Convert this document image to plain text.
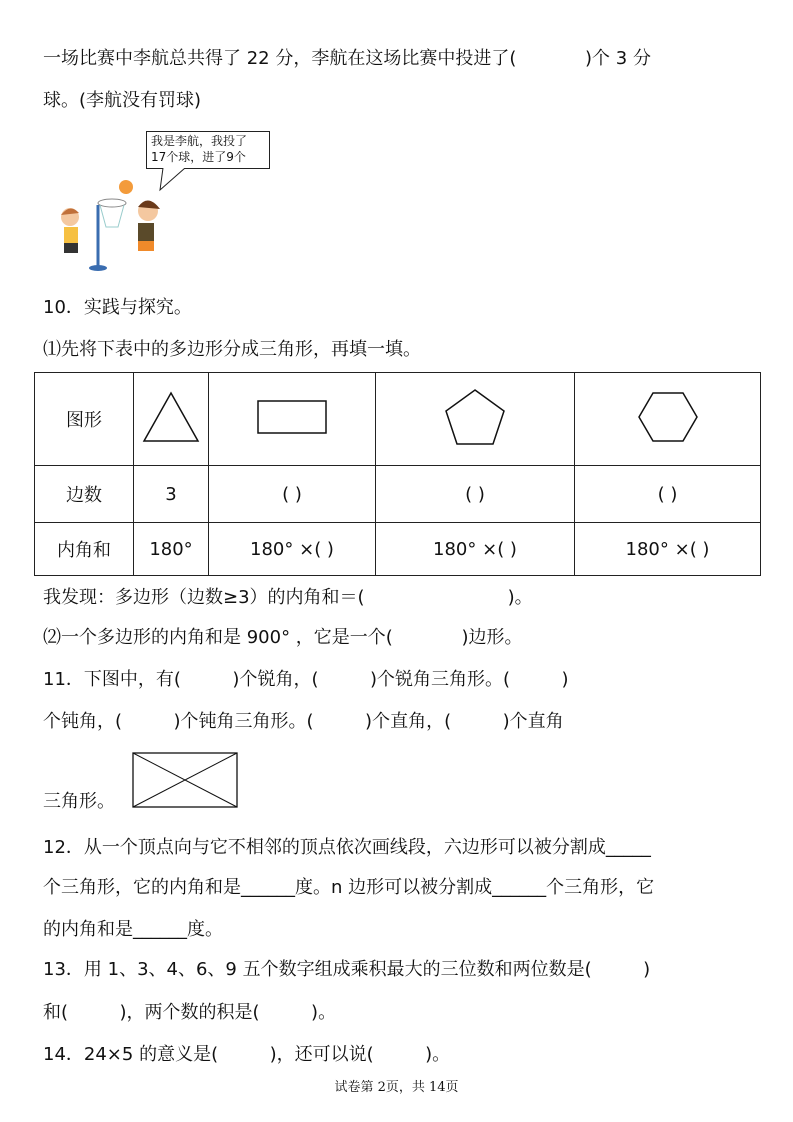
一场比赛中李航总共得了 22 分，李航在这场比赛中投进了(            )个 3 分
球。(李航没有罚球)
我是李航，我投了
17个球，进了9个
10．实践与探究。
⑴先将下表中的多边形分成三角形，再填一填。
图形				
边数	3	( )	( )	( )
内角和	180°	180° ×( )	180° ×( )	180° ×( )
我发现：多边形（边数≥3）的内角和＝(                         )。
⑵一个多边形的内角和是 900° ，它是一个(            )边形。
11．下图中，有(         )个锐角，(         )个锐角三角形。(         )
个钝角，(         )个钝角三角形。(         )个直角，(         )个直角
三角形。
12．从一个顶点向与它不相邻的顶点依次画线段，六边形可以被分割成_____
个三角形，它的内角和是______度。n 边形可以被分割成______个三角形，它
的内角和是______度。
13．用 1、3、4、6、9 五个数字组成乘积最大的三位数和两位数是(         )
和(         )，两个数的积是(         )。
14．24×5 的意义是(         )，还可以说(         )。
试卷第 2页，共 14页
